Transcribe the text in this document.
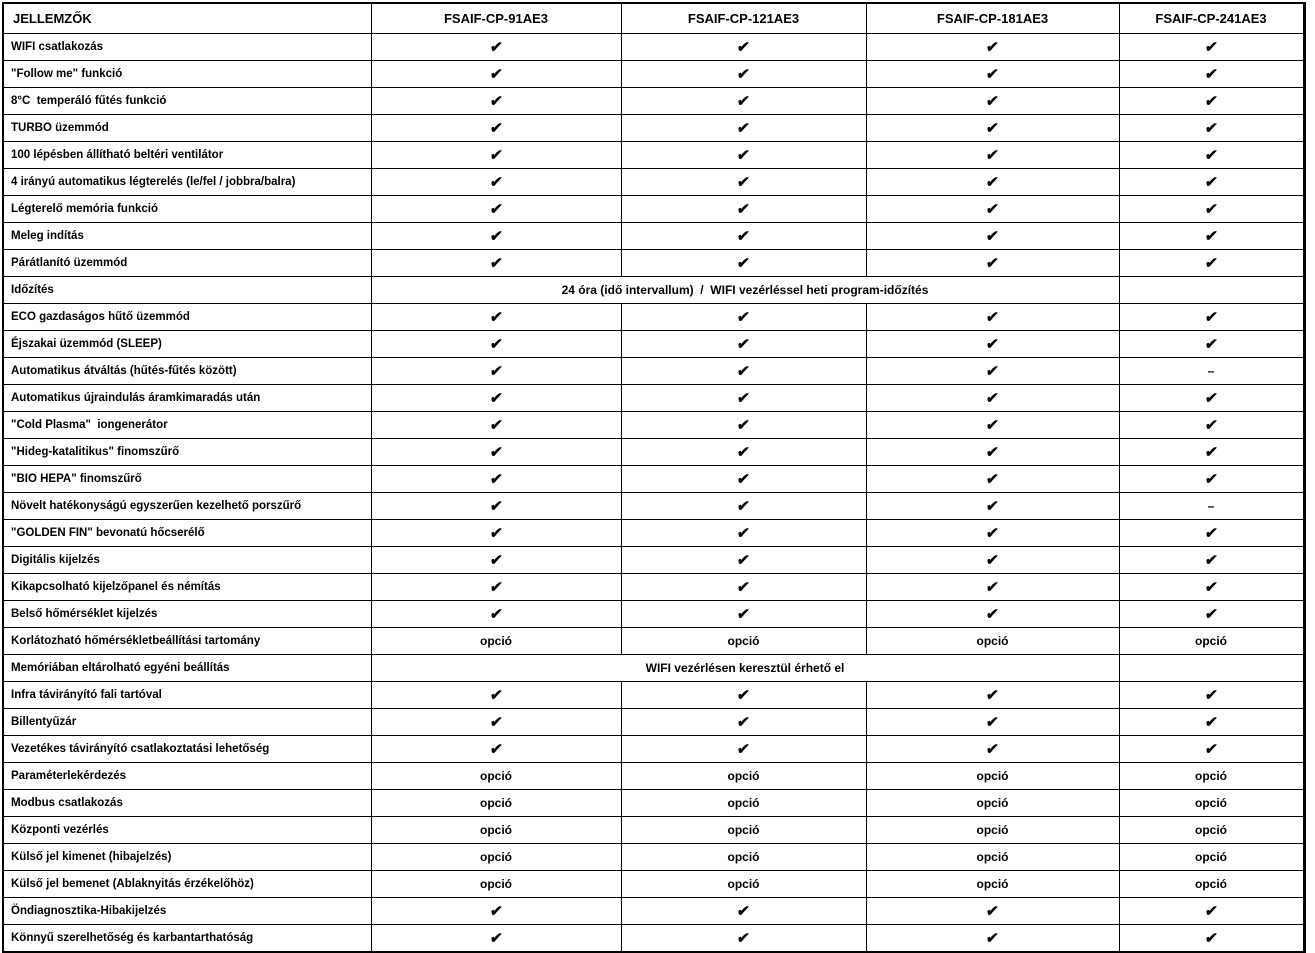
JELLEMZŐK	FSAIF-CP-91AE3	FSAIF-CP-121AE3	FSAIF-CP-181AE3	FSAIF-CP-241AE3
WIFI csatlakozás	✔	✔	✔	✔
"Follow me" funkció	✔	✔	✔	✔
8°C  temperáló fűtés funkció	✔	✔	✔	✔
TURBO üzemmód	✔	✔	✔	✔
100 lépésben állítható beltéri ventilátor	✔	✔	✔	✔
4 irányú automatikus légterelés (le/fel / jobbra/balra)	✔	✔	✔	✔
Légterelő memória funkció	✔	✔	✔	✔
Meleg indítás	✔	✔	✔	✔
Párátlanító üzemmód	✔	✔	✔	✔
Időzítés	24 óra (idő intervallum)  /  WIFI vezérléssel heti program-időzítés			
ECO gazdaságos hűtő üzemmód	✔	✔	✔	✔
Éjszakai üzemmód (SLEEP)	✔	✔	✔	✔
Automatikus átváltás (hűtés-fűtés között)	✔	✔	✔	–
Automatikus újraindulás áramkimaradás után	✔	✔	✔	✔
"Cold Plasma"  iongenerátor	✔	✔	✔	✔
"Hideg-katalitikus" finomszűrő	✔	✔	✔	✔
"BIO HEPA" finomszűrő	✔	✔	✔	✔
Növelt hatékonyságú egyszerűen kezelhető porszűrő	✔	✔	✔	–
"GOLDEN FIN" bevonatú hőcserélő	✔	✔	✔	✔
Digitális kijelzés	✔	✔	✔	✔
Kikapcsolható kijelzőpanel és némítás	✔	✔	✔	✔
Belső hőmérséklet kijelzés	✔	✔	✔	✔
Korlátozható hőmérsékletbeállítási tartomány	opció	opció	opció	opció
Memóriában eltárolható egyéni beállítás	WIFI vezérlésen keresztül érhető el			
Infra távirányító fali tartóval	✔	✔	✔	✔
Billentyűzár	✔	✔	✔	✔
Vezetékes távirányító csatlakoztatási lehetőség	✔	✔	✔	✔
Paraméterlekérdezés	opció	opció	opció	opció
Modbus csatlakozás	opció	opció	opció	opció
Központi vezérlés	opció	opció	opció	opció
Külső jel kimenet (hibajelzés)	opció	opció	opció	opció
Külső jel bemenet (Ablaknyitás érzékelőhöz)	opció	opció	opció	opció
Öndiagnosztika-Hibakijelzés	✔	✔	✔	✔
Könnyű szerelhetőség és karbantarthatóság	✔	✔	✔	✔
